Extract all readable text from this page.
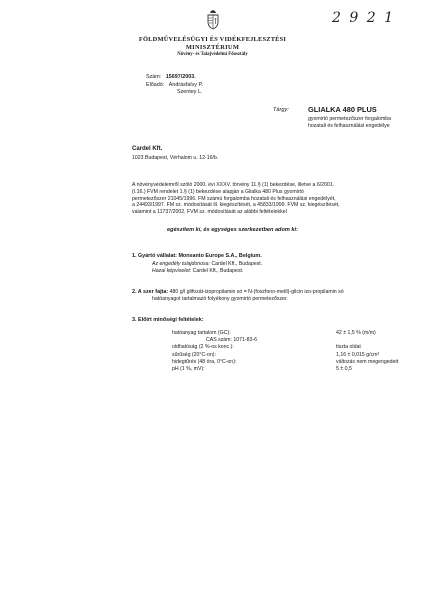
2 9 2 1
FÖLDMŰVELÉSÜGYI ÉS VIDÉKFEJLESZTÉSI
MINISZTÉRIUM
Növény- és Talajvédelmi Főosztály
Szám: 15697/2003.
Előadó: Andrásfalvy P.
Szentey L.
Tárgy:	GLIALKA 480 PLUS
gyomirtó permetezőszer forgalomba
hozatali és felhasználási engedélye
Cardel Kft.
1023 Budapest, Vérhalom u. 12-16/b.
A növényvédelemről szóló 2000. évi XXXV. törvény 11.§ (1) bekezdése, illetve a 6/2001.
(I.16.) FVM rendelet 1.§ (1) bekezdése alapján a Glialka 480 Plus gyomirtó
permetezőszer 21045/1996. FM számú forgalomba hozatali és felhasználási engedélyét,
a 24493/1997. FM sz. módosítását ill. kiegészítését, a 45833/1999. FVM sz. kiegészítését,
valamint a 11737/2002. FVM sz. módosítását az alábbi feltételekkel
egészítem ki, és egységes szerkezetben adom ki:
1. Gyártó vállalat: Monsanto Europe S.A., Belgium.
Az engedély tulajdonosa: Cardel Kft., Budapest.
Hazai képviselet: Cardel Kft., Budapest.
2. A szer fajta: 480 g/l glifozát-izopropilamin só = N-(foszfono-metil)-glicin izo-propilamin só
hatóanyagot tartalmazó folyékony gyomirtó permetezőszer.
3. Előírt minőségi feltételek:
hatóanyag tartalom (GC):	42 ± 1,5 % (m/m)
CAS szám: 1071-83-6	
oldhatóság (2 %-os konc.):	tiszta oldat
sűrűség (20°C-on):	1,16 ± 0,015 g/cm³
hidegtűrés (48 óra, 0°C-on):	változás nem megengedett
pH (1 %, mV):	5 ± 0,5
